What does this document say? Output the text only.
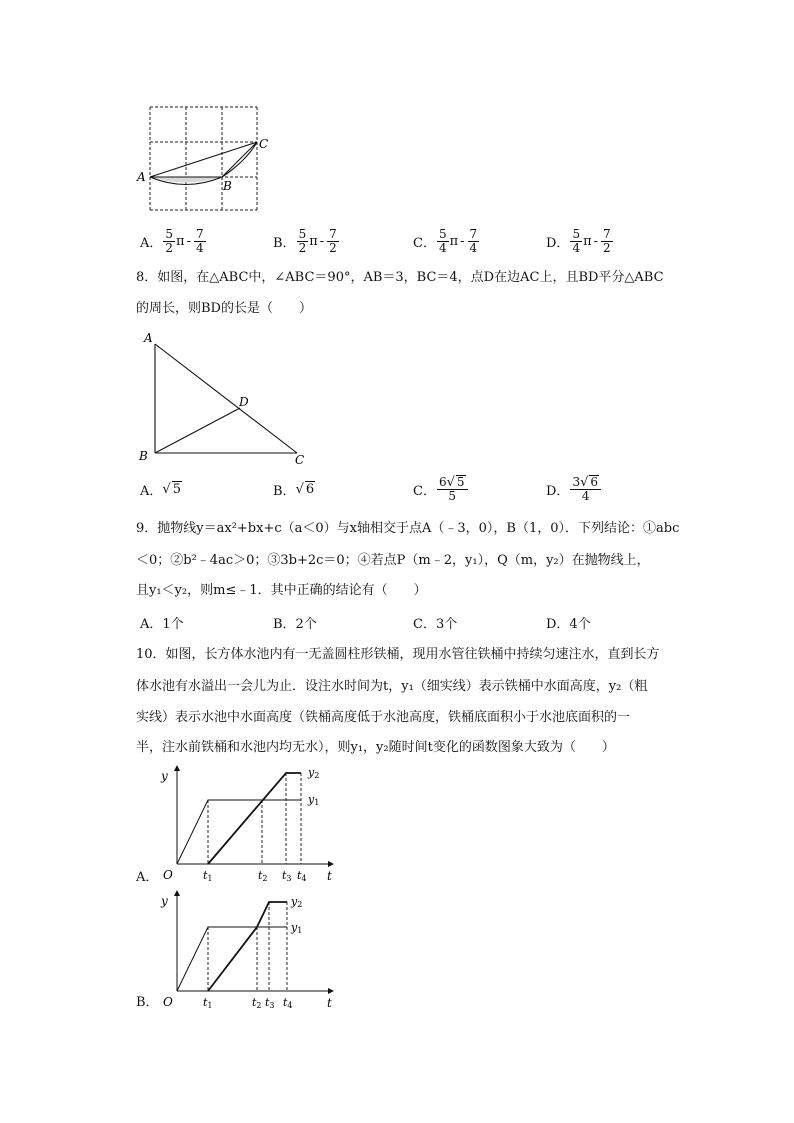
A
B
C
A． $\frac{5}{2}$ π - $\frac{7}{4}$	B． $\frac{5}{2}$ π - $\frac{7}{2}$	C． $\frac{5}{4}$ π - $\frac{7}{4}$	D． $\frac{5}{4}$ π - $\frac{7}{2}$
8．如图，在△ABC中，∠ABC＝90°，AB＝3，BC＝4，点D在边AC上，且BD平分△ABC
的周长，则BD的长是（　　）
A
B	C
D
A． √ 5	B． √ 6	C． $\frac{6√ 5}{5}$	D． $\frac{3√ 6}{4}$
9．抛物线y＝ax²+bx+c（a＜0）与x轴相交于点A（﹣3，0），B（1，0）．下列结论：①abc
＜0；②b²﹣4ac＞0；③3b+2c＝0；④若点P（m﹣2，y₁），Q（m，y₂）在抛物线上，
且y₁＜y₂，则m≤﹣1．其中正确的结论有（　　）
A．1个	B．2个	C．3个	D．4个
10．如图，长方体水池内有一无盖圆柱形铁桶，现用水管往铁桶中持续匀速注水，直到长方
体水池有水溢出一会儿为止．设注水时间为t，y₁（细实线）表示铁桶中水面高度，y₂（粗
实线）表示水池中水面高度（铁桶高度低于水池高度，铁桶底面积小于水池底面积的一
半，注水前铁桶和水池内均无水），则y₁，y₂随时间t变化的函数图象大致为（　　）
A．
y
t
O	t1	t2 t3 t4
y2
y1
B．
y
t
O	t1	t2 t3 t4
y2
y1
